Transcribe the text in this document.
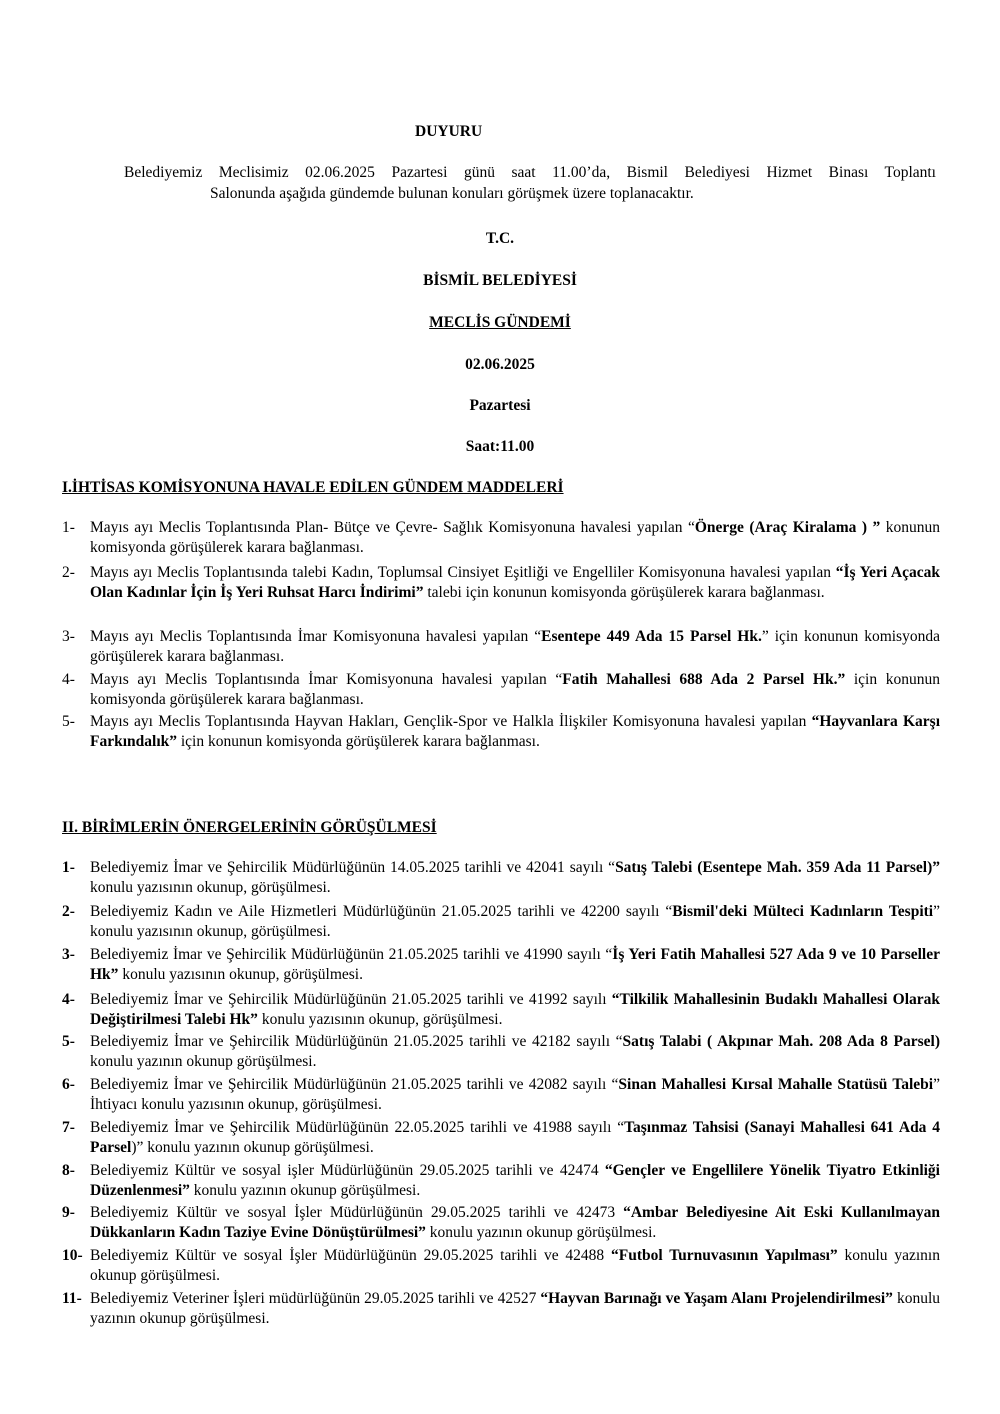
DUYURU
Belediyemiz Meclisimiz 02.06.2025 Pazartesi günü saat 11.00’da, Bismil Belediyesi Hizmet Binası Toplantı
Salonunda aşağıda gündemde bulunan konuları görüşmek üzere toplanacaktır.
T.C.
BİSMİL BELEDİYESİ
MECLİS GÜNDEMİ
02.06.2025
Pazartesi
Saat:11.00
I.İHTİSAS KOMİSYONUNA HAVALE EDİLEN GÜNDEM MADDELERİ
1- Mayıs ayı Meclis Toplantısında Plan- Bütçe ve Çevre- Sağlık Komisyonuna havalesi yapılan “Önerge (Araç Kiralama ) ” konunun komisyonda görüşülerek karara bağlanması.
2- Mayıs ayı Meclis Toplantısında talebi Kadın, Toplumsal Cinsiyet Eşitliği ve Engelliler Komisyonuna havalesi yapılan “İş Yeri Açacak Olan Kadınlar İçin İş Yeri Ruhsat Harcı İndirimi” talebi için konunun komisyonda görüşülerek karara bağlanması.
3- Mayıs ayı Meclis Toplantısında İmar Komisyonuna havalesi yapılan “Esentepe 449 Ada 15 Parsel Hk.” için konunun komisyonda görüşülerek karara bağlanması.
4- Mayıs ayı Meclis Toplantısında İmar Komisyonuna havalesi yapılan “Fatih Mahallesi 688 Ada 2 Parsel Hk.” için konunun komisyonda görüşülerek karara bağlanması.
5- Mayıs ayı Meclis Toplantısında Hayvan Hakları, Gençlik-Spor ve Halkla İlişkiler Komisyonuna havalesi yapılan “Hayvanlara Karşı Farkındalık” için konunun komisyonda görüşülerek karara bağlanması.
II. BİRİMLERİN ÖNERGELERİNİN GÖRÜŞÜLMESİ
1- Belediyemiz İmar ve Şehircilik Müdürlüğünün 14.05.2025 tarihli ve 42041 sayılı “Satış Talebi (Esentepe Mah. 359 Ada 11 Parsel)” konulu yazısının okunup, görüşülmesi.
2- Belediyemiz Kadın ve Aile Hizmetleri Müdürlüğünün 21.05.2025 tarihli ve 42200 sayılı “Bismil'deki Mülteci Kadınların Tespiti” konulu yazısının okunup, görüşülmesi.
3- Belediyemiz İmar ve Şehircilik Müdürlüğünün 21.05.2025 tarihli ve 41990 sayılı “İş Yeri Fatih Mahallesi 527 Ada 9 ve 10 Parseller Hk” konulu yazısının okunup, görüşülmesi.
4- Belediyemiz İmar ve Şehircilik Müdürlüğünün 21.05.2025 tarihli ve 41992 sayılı “Tilkilik Mahallesinin Budaklı Mahallesi Olarak Değiştirilmesi Talebi Hk” konulu yazısının okunup, görüşülmesi.
5- Belediyemiz İmar ve Şehircilik Müdürlüğünün 21.05.2025 tarihli ve 42182 sayılı “Satış Talabi ( Akpınar Mah. 208 Ada 8 Parsel) konulu yazının okunup görüşülmesi.
6- Belediyemiz İmar ve Şehircilik Müdürlüğünün 21.05.2025 tarihli ve 42082 sayılı “Sinan Mahallesi Kırsal Mahalle Statüsü Talebi” İhtiyacı konulu yazısının okunup, görüşülmesi.
7- Belediyemiz İmar ve Şehircilik Müdürlüğünün 22.05.2025 tarihli ve 41988 sayılı “Taşınmaz Tahsisi (Sanayi Mahallesi 641 Ada 4 Parsel)” konulu yazının okunup görüşülmesi.
8- Belediyemiz Kültür ve sosyal işler Müdürlüğünün 29.05.2025 tarihli ve 42474 “Gençler ve Engellilere Yönelik Tiyatro Etkinliği Düzenlenmesi” konulu yazının okunup görüşülmesi.
9- Belediyemiz Kültür ve sosyal İşler Müdürlüğünün 29.05.2025 tarihli ve 42473 “Ambar Belediyesine Ait Eski Kullanılmayan Dükkanların Kadın Taziye Evine Dönüştürülmesi” konulu yazının okunup görüşülmesi.
10- Belediyemiz Kültür ve sosyal İşler Müdürlüğünün 29.05.2025 tarihli ve 42488 “Futbol Turnuvasının Yapılması” konulu yazının okunup görüşülmesi.
11- Belediyemiz Veteriner İşleri müdürlüğünün 29.05.2025 tarihli ve 42527 “Hayvan Barınağı ve Yaşam Alanı Projelendirilmesi” konulu yazının okunup görüşülmesi.
